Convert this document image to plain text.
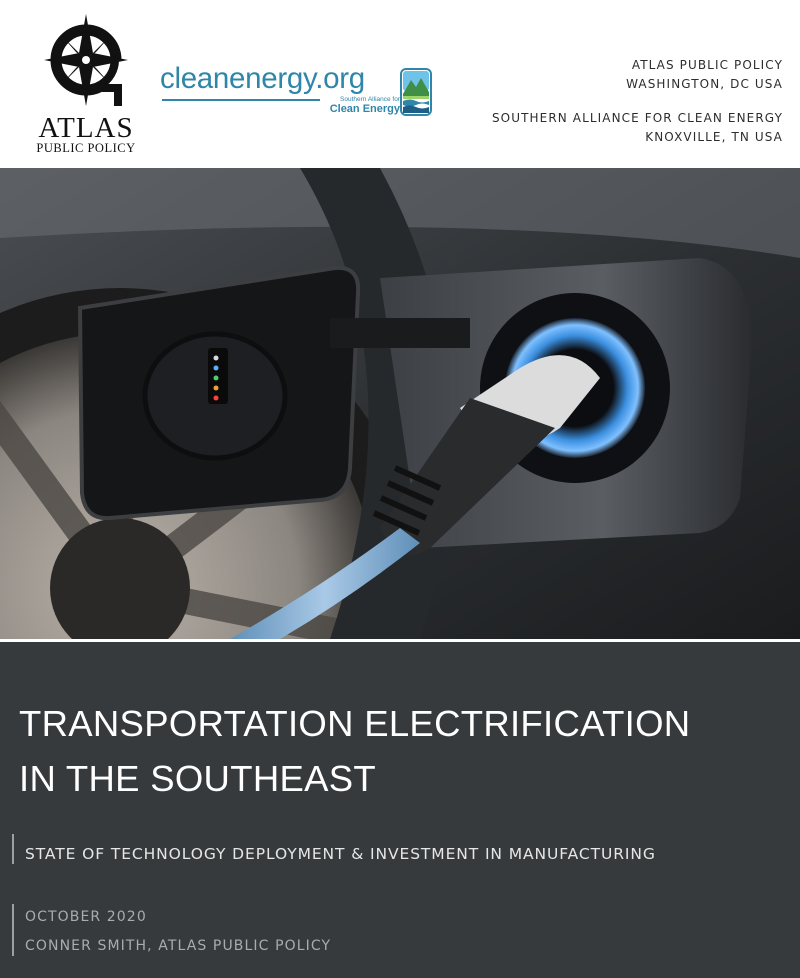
ATLAS
PUBLIC POLICY
cleanenergy.org
Southern Alliance for
Clean Energy
ATLAS PUBLIC POLICY
WASHINGTON, DC USA
SOUTHERN ALLIANCE FOR CLEAN ENERGY
KNOXVILLE, TN USA
TRANSPORTATION ELECTRIFICATION
IN THE SOUTHEAST
STATE OF TECHNOLOGY DEPLOYMENT & INVESTMENT IN MANUFACTURING
OCTOBER 2020
CONNER SMITH, ATLAS PUBLIC POLICY
